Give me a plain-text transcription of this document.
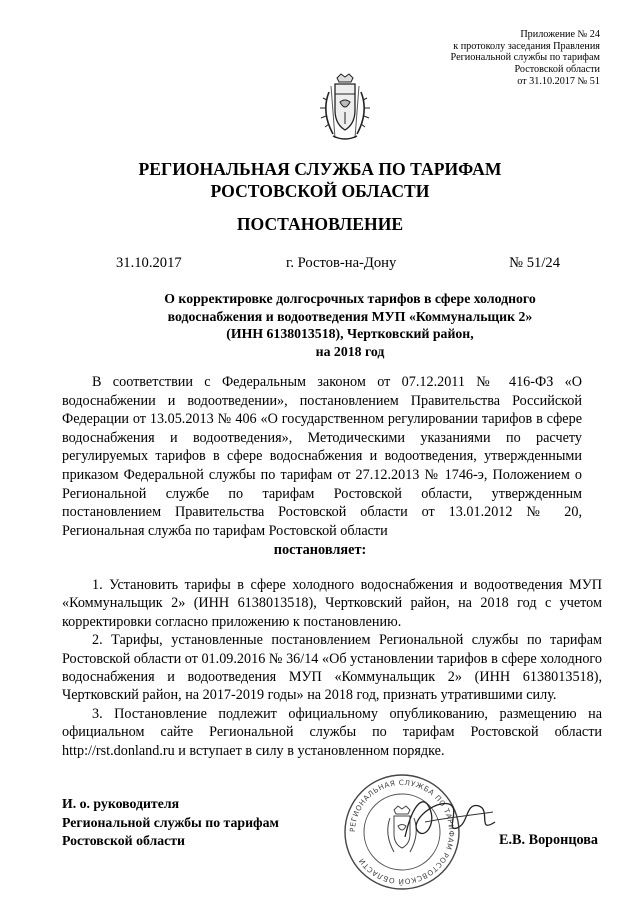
Приложение № 24
к протоколу заседания Правления
Региональной службы по тарифам
Ростовской области
от 31.10.2017 № 51
РЕГИОНАЛЬНАЯ СЛУЖБА ПО ТАРИФАМ
РОСТОВСКОЙ ОБЛАСТИ
ПОСТАНОВЛЕНИЕ
31.10.2017	г. Ростов-на-Дону	№ 51/24
О корректировке долгосрочных тарифов в сфере холодного
водоснабжения и водоотведения МУП «Коммунальщик 2»
(ИНН 6138013518), Чертковский район,
на 2018 год
В соответствии с Федеральным законом от 07.12.2011 № 416-ФЗ «О водоснабжении и водоотведении», постановлением Правительства Российской Федерации от 13.05.2013 № 406 «О государственном регулировании тарифов в сфере водоснабжения и водоотведения», Методическими указаниями по расчету регулируемых тарифов в сфере водоснабжения и водоотведения, утвержденными приказом Федеральной службы по тарифам от 27.12.2013 № 1746-э, Положением о Региональной службе по тарифам Ростовской области, утвержденным постановлением Правительства Ростовской области от 13.01.2012 № 20, Региональная служба по тарифам Ростовской области
постановляет:

1. Установить тарифы в сфере холодного водоснабжения и водоотведения МУП «Коммунальщик 2» (ИНН 6138013518), Чертковский район, на 2018 год с учетом корректировки согласно приложению к постановлению.

2. Тарифы, установленные постановлением Региональной службы по тарифам Ростовской области от 01.09.2016 № 36/14 «Об установлении тарифов в сфере холодного водоснабжения и водоотведения МУП «Коммунальщик 2» (ИНН 6138013518), Чертковский район, на 2017-2019 годы» на 2018 год, признать утратившими силу.

3. Постановление подлежит официальному опубликованию, размещению на официальном сайте Региональной службы по тарифам Ростовской области http://rst.donland.ru и вступает в силу в установленном порядке.

РЕГИОНАЛЬНАЯ СЛУЖБА ПО ТАРИФАМ РОСТОВСКОЙ ОБЛАСТИ
И. о. руководителя
Региональной службы по тарифам
Ростовской области	Е.В. Воронцова
